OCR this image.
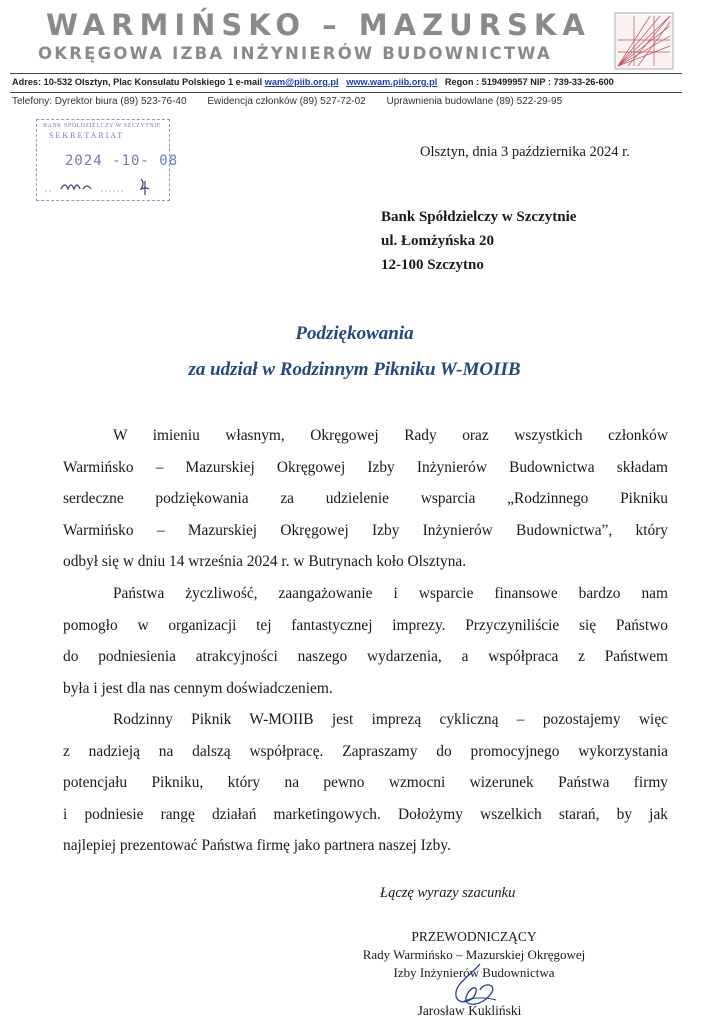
WARMIŃSKO – MAZURSKA
OKRĘGOWA IZBA INŻYNIERÓW BUDOWNICTWA
Adres: 10-532 Olsztyn, Plac Konsulatu Polskiego 1 e-mail wam@piib.org.pl www.wam.piib.org.pl Regon : 519499957 NIP : 739-33-26-600
Telefony: Dyrektor biura (89) 523-76-40 Ewidencja członków (89) 527-72-02 Uprawnienia budowlane (89) 522-29-95
BANK SPÓŁDZIELCZY W SZCZYTNIE
SEKRETARIAT
2024 -10- 08
Olsztyn, dnia 3 października 2024 r.
Bank Spółdzielczy w Szczytnie
ul. Łomżyńska 20
12-100 Szczytno
Podziękowania
za udział w Rodzinnym Pikniku W-MOIIB
W imieniu własnym, Okręgowej Rady oraz wszystkich członków
Warmińsko – Mazurskiej Okręgowej Izby Inżynierów Budownictwa składam
serdeczne podziękowania za udzielenie wsparcia „Rodzinnego Pikniku
Warmińsko – Mazurskiej Okręgowej Izby Inżynierów Budownictwa”, który
odbył się w dniu 14 września 2024 r. w Butrynach koło Olsztyna.
Państwa życzliwość, zaangażowanie i wsparcie finansowe bardzo nam
pomogło w organizacji tej fantastycznej imprezy. Przyczyniliście się Państwo
do podniesienia atrakcyjności naszego wydarzenia, a współpraca z Państwem
była i jest dla nas cennym doświadczeniem.
Rodzinny Piknik W-MOIIB jest imprezą cykliczną – pozostajemy więc
z nadzieją na dalszą współpracę. Zapraszamy do promocyjnego wykorzystania
potencjału Pikniku, który na pewno wzmocni wizerunek Państwa firmy
i podniesie rangę działań marketingowych. Dołożymy wszelkich starań, by jak
najlepiej prezentować Państwa firmę jako partnera naszej Izby.
Łączę wyrazy szacunku
PRZEWODNICZĄCY
Rady Warmińsko – Mazurskiej Okręgowej
Izby Inżynierów Budownictwa
Jarosław Kukliński
